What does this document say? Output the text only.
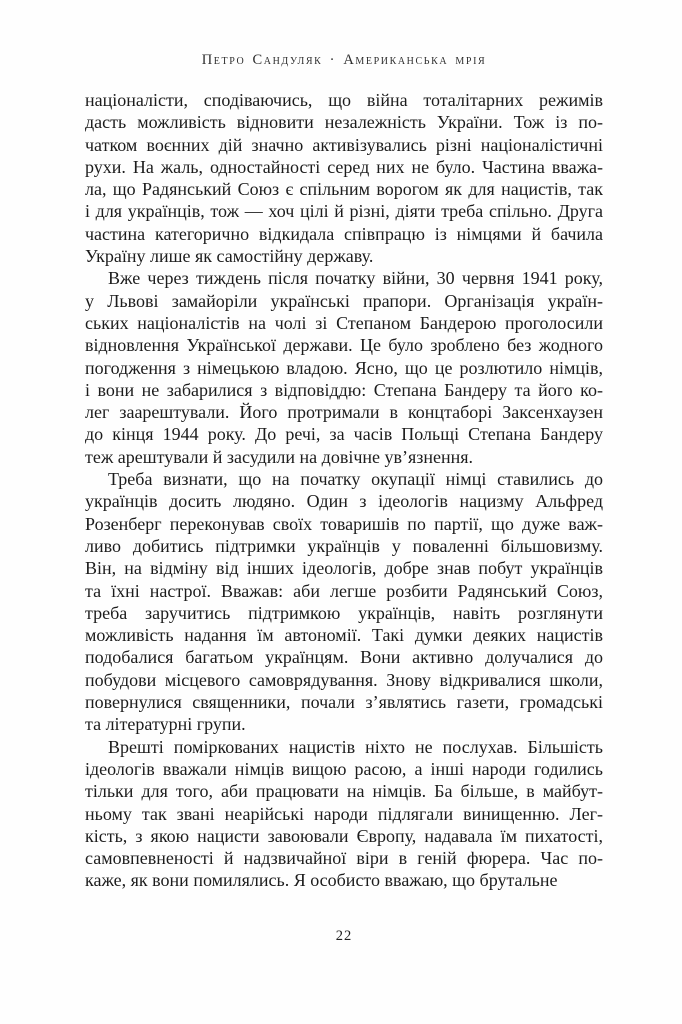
Петро Сандуляк · Американська мрія
націоналісти, сподіваючись, що війна тоталітарних режимів
дасть можливість відновити незалежність України. Тож із по-
чатком воєнних дій значно активізувались різні націоналістичні
рухи. На жаль, одностайності серед них не було. Частина вважа-
ла, що Радянський Союз є спільним ворогом як для нацистів, так
і для українців, тож — хоч цілі й різні, діяти треба спільно. Друга
частина категорично відкидала співпрацю із німцями й бачила
Україну лише як самостійну державу.
Вже через тиждень після початку війни, 30 червня 1941 року,
у Львові замайоріли українські прапори. Організація україн-
ських націоналістів на чолі зі Степаном Бандерою проголосили
відновлення Української держави. Це було зроблено без жодного
погодження з німецькою владою. Ясно, що це розлютило німців,
і вони не забарилися з відповіддю: Степана Бандеру та його ко-
лег заарештували. Його протримали в концтаборі Заксенхаузен
до кінця 1944 року. До речі, за часів Польщі Степана Бандеру
теж арештували й засудили на довічне ув’язнення.
Треба визнати, що на початку окупації німці ставились до
українців досить людяно. Один з ідеологів нацизму Альфред
Розенберг переконував своїх товаришів по партії, що дуже важ-
ливо добитись підтримки українців у поваленні більшовизму.
Він, на відміну від інших ідеологів, добре знав побут українців
та їхні настрої. Вважав: аби легше розбити Радянський Союз,
треба заручитись підтримкою українців, навіть розглянути
можливість надання їм автономії. Такі думки деяких нацистів
подобалися багатьом українцям. Вони активно долучалися до
побудови місцевого самоврядування. Знову відкривалися школи,
повернулися священники, почали з’являтись газети, громадські
та літературні групи.
Врешті поміркованих нацистів ніхто не послухав. Більшість
ідеологів вважали німців вищою расою, а інші народи годились
тільки для того, аби працювати на німців. Ба більше, в майбут-
ньому так звані неарійські народи підлягали винищенню. Лег-
кість, з якою нацисти завоювали Європу, надавала їм пихатості,
самовпевненості й надзвичайної віри в геній фюрера. Час по-
каже, як вони помилялись. Я особисто вважаю, що брутальне
22
